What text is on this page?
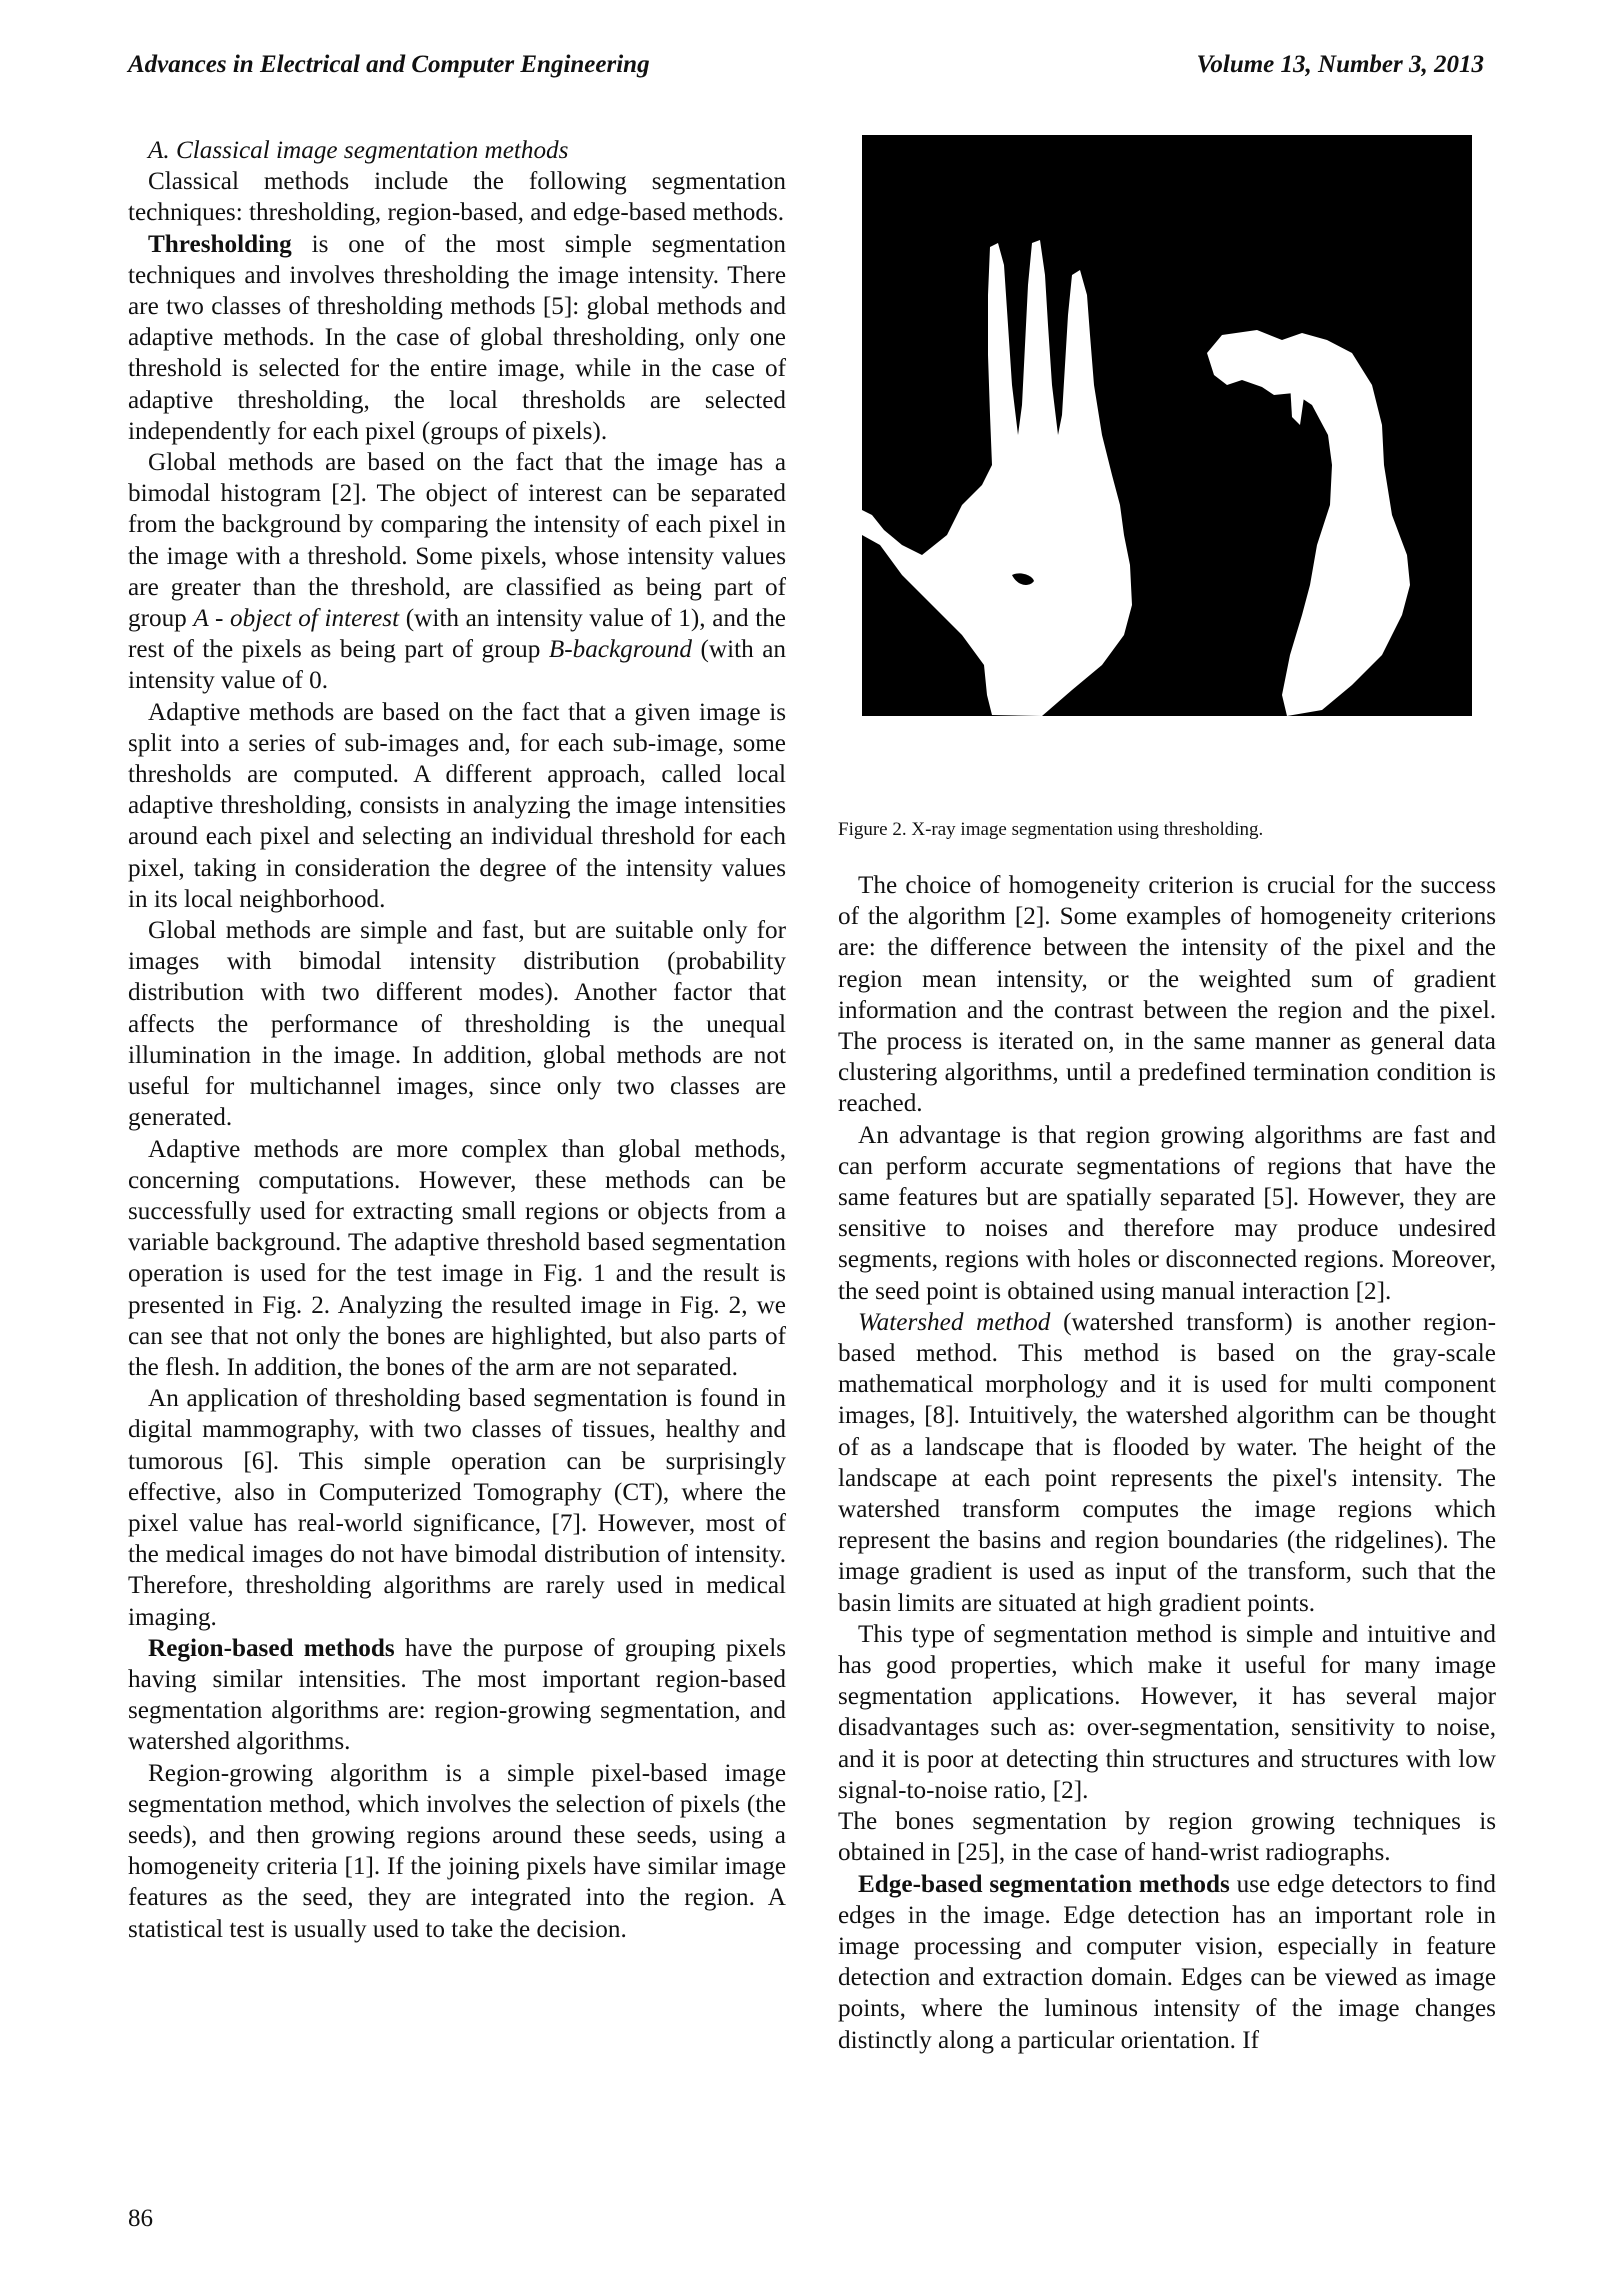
Advances in Electrical and Computer Engineering	Volume 13, Number 3, 2013

A. Classical image segmentation methods

Classical methods include the following segmentation techniques: thresholding, region-based, and edge-based methods.

Thresholding is one of the most simple segmentation techniques and involves thresholding the image intensity. There are two classes of thresholding methods [5]: global methods and adaptive methods. In the case of global thresholding, only one threshold is selected for the entire image, while in the case of adaptive thresholding, the local thresholds are selected independently for each pixel (groups of pixels).

Global methods are based on the fact that the image has a bimodal histogram [2]. The object of interest can be separated from the background by comparing the intensity of each pixel in the image with a threshold. Some pixels, whose intensity values are greater than the threshold, are classified as being part of group A - object of interest (with an intensity value of 1), and the rest of the pixels as being part of group B-background (with an intensity value of 0.

Adaptive methods are based on the fact that a given image is split into a series of sub-images and, for each sub-image, some thresholds are computed. A different approach, called local adaptive thresholding, consists in analyzing the image intensities around each pixel and selecting an individual threshold for each pixel, taking in consideration the degree of the intensity values in its local neighborhood.

Global methods are simple and fast, but are suitable only for images with bimodal intensity distribution (probability distribution with two different modes). Another factor that affects the performance of thresholding is the unequal illumination in the image. In addition, global methods are not useful for multichannel images, since only two classes are generated.

Adaptive methods are more complex than global methods, concerning computations. However, these methods can be successfully used for extracting small regions or objects from a variable background. The adaptive threshold based segmentation operation is used for the test image in Fig. 1 and the result is presented in Fig. 2. Analyzing the resulted image in Fig. 2, we can see that not only the bones are highlighted, but also parts of the flesh. In addition, the bones of the arm are not separated.

An application of thresholding based segmentation is found in digital mammography, with two classes of tissues, healthy and tumorous [6]. This simple operation can be surprisingly effective, also in Computerized Tomography (CT), where the pixel value has real-world significance, [7]. However, most of the medical images do not have bimodal distribution of intensity. Therefore, thresholding algorithms are rarely used in medical imaging.

Region-based methods have the purpose of grouping pixels having similar intensities. The most important region-based segmentation algorithms are: region-growing segmentation, and watershed algorithms.

Region-growing algorithm is a simple pixel-based image segmentation method, which involves the selection of pixels (the seeds), and then growing regions around these seeds, using a homogeneity criteria [1]. If the joining pixels have similar image features as the seed, they are integrated into the region. A statistical test is usually used to take the decision.

Figure 2. X-ray image segmentation using thresholding.

The choice of homogeneity criterion is crucial for the success of the algorithm [2]. Some examples of homogeneity criterions are: the difference between the intensity of the pixel and the region mean intensity, or the weighted sum of gradient information and the contrast between the region and the pixel. The process is iterated on, in the same manner as general data clustering algorithms, until a predefined termination condition is reached.

An advantage is that region growing algorithms are fast and can perform accurate segmentations of regions that have the same features but are spatially separated [5]. However, they are sensitive to noises and therefore may produce undesired segments, regions with holes or disconnected regions. Moreover, the seed point is obtained using manual interaction [2].

Watershed method (watershed transform) is another region-based method. This method is based on the gray-scale mathematical morphology and it is used for multi component images, [8]. Intuitively, the watershed algorithm can be thought of as a landscape that is flooded by water. The height of the landscape at each point represents the pixel's intensity. The watershed transform computes the image regions which represent the basins and region boundaries (the ridgelines). The image gradient is used as input of the transform, such that the basin limits are situated at high gradient points.

This type of segmentation method is simple and intuitive and has good properties, which make it useful for many image segmentation applications. However, it has several major disadvantages such as: over-segmentation, sensitivity to noise, and it is poor at detecting thin structures and structures with low signal-to-noise ratio, [2].

The bones segmentation by region growing techniques is obtained in [25], in the case of hand-wrist radiographs.

Edge-based segmentation methods use edge detectors to find edges in the image. Edge detection has an important role in image processing and computer vision, especially in feature detection and extraction domain. Edges can be viewed as image points, where the luminous intensity of the image changes distinctly along a particular orientation. If

86
